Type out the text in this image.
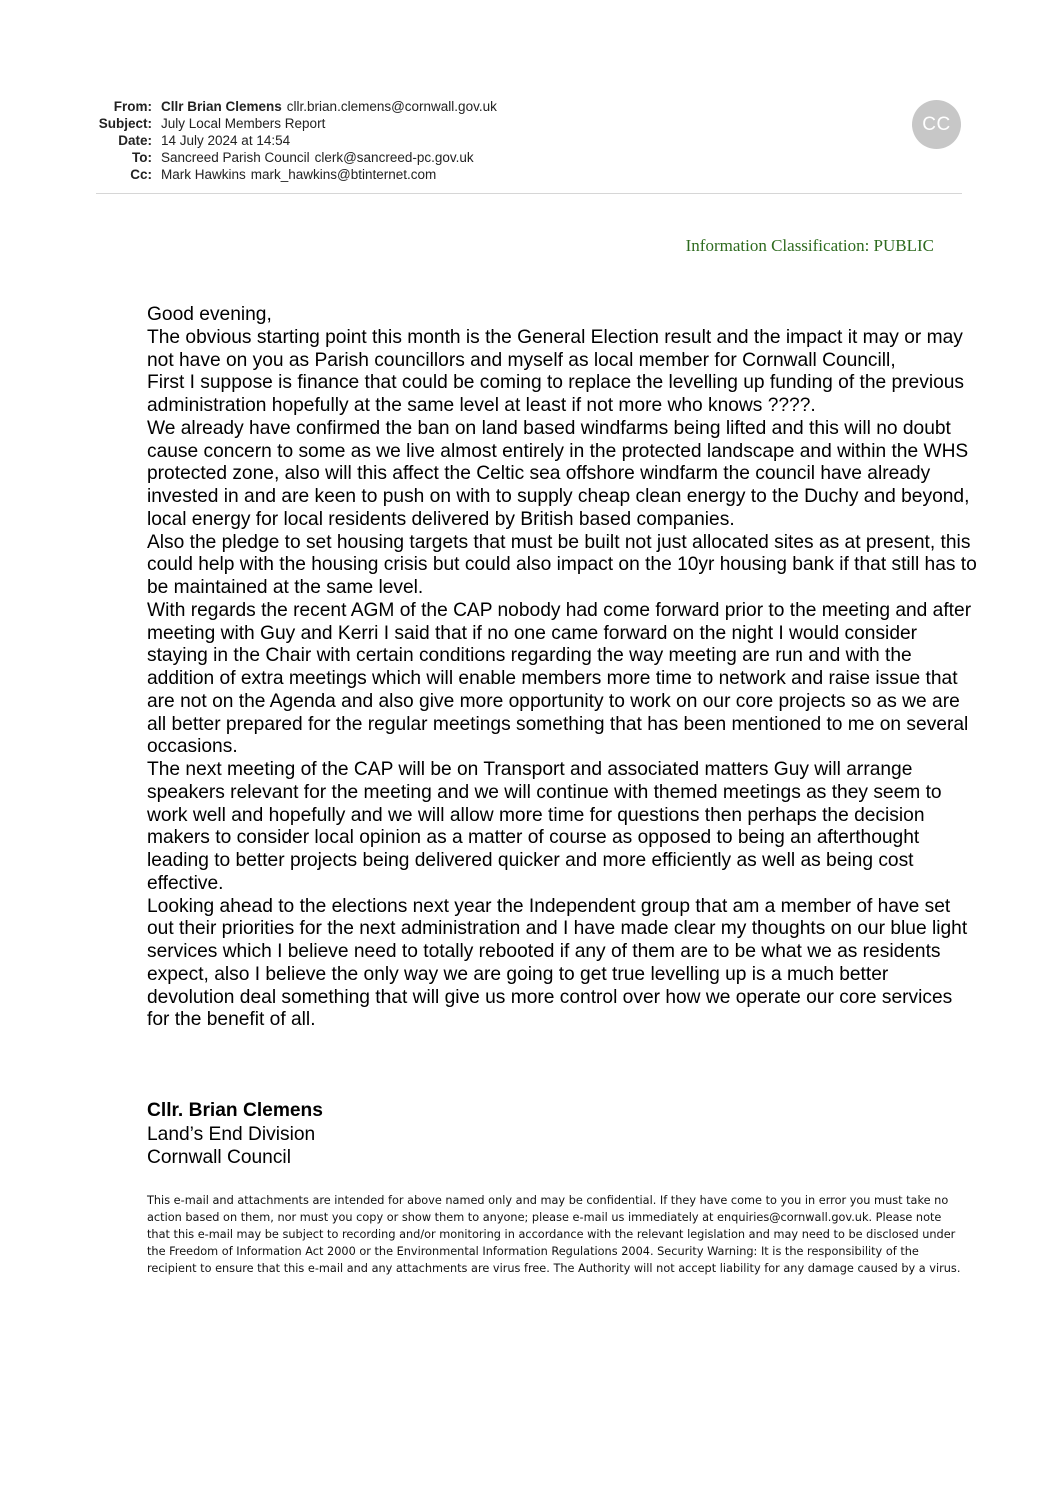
From: Cllr Brian Clemens cllr.brian.clemens@cornwall.gov.uk
Subject: July Local Members Report
Date: 14 July 2024 at 14:54
To: Sancreed Parish Council clerk@sancreed-pc.gov.uk
Cc: Mark Hawkins mark_hawkins@btinternet.com
CC
Information Classification: PUBLIC

Good evening,

The obvious starting point this month is the General Election result and the impact it may or may not have on you as Parish councillors and myself as local member for Cornwall Councill,

First I suppose is finance that could be coming to replace the levelling up funding of the previous administration hopefully at the same level at least if not more who knows ????.

We already have confirmed the ban on land based windfarms being lifted and this will no doubt cause concern to some as we live almost entirely in the protected landscape and within the WHS protected zone, also will this affect the Celtic sea offshore windfarm the council have already invested in and are keen to push on with to supply cheap clean energy to the Duchy and beyond, local energy for local residents delivered by British based companies.

Also the pledge to set housing targets that must be built not just allocated sites as at present, this could help with the housing crisis but could also impact on the 10yr housing bank if that still has to be maintained at the same level.

With regards the recent AGM of the CAP nobody had come forward prior to the meeting and after meeting with Guy and Kerri I said that if no one came forward on the night I would consider staying in the Chair with certain conditions regarding the way meeting are run and with the addition of extra meetings which will enable members more time to network and raise issue that are not on the Agenda and also give more opportunity to work on our core projects so as we are all better prepared for the regular meetings something that has been mentioned to me on several occasions.

The next meeting of the CAP will be on Transport and associated matters Guy will arrange speakers relevant for the meeting and we will continue with themed meetings as they seem to work well and hopefully and we will allow more time for questions then perhaps the decision makers to consider local opinion as a matter of course as opposed to being an afterthought leading to better projects being delivered quicker and more efficiently as well as being cost effective.

Looking ahead to the elections next year the Independent group that am a member of have set out their priorities for the next administration and I have made clear my thoughts on our blue light services which I believe need to totally rebooted if any of them are to be what we as residents expect, also I believe the only way we are going to get true levelling up is a much better devolution deal something that will give us more control over how we operate our core services for the benefit of all.

Cllr. Brian Clemens
Land’s End Division
Cornwall Council
This e-mail and attachments are intended for above named only and may be confidential. If they have come to you in error you must take no action based on them, nor must you copy or show them to anyone; please e-mail us immediately at enquiries@cornwall.gov.uk. Please note that this e-mail may be subject to recording and/or monitoring in accordance with the relevant legislation and may need to be disclosed under the Freedom of Information Act 2000 or the Environmental Information Regulations 2004. Security Warning: It is the responsibility of the recipient to ensure that this e-mail and any attachments are virus free. The Authority will not accept liability for any damage caused by a virus.
